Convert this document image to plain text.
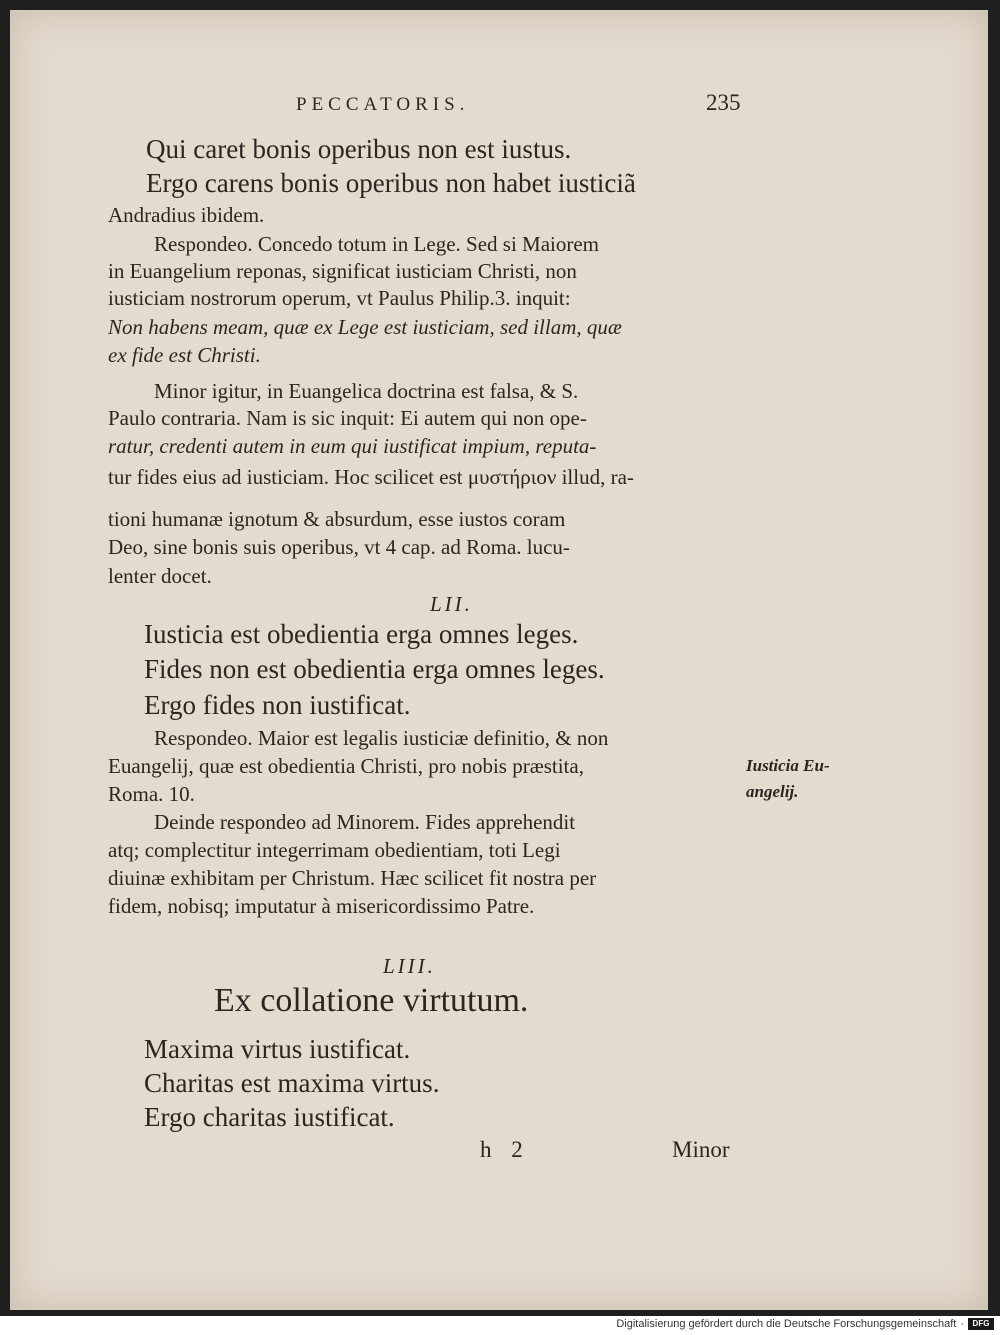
PECCATORIS.	235
Qui caret bonis operibus non est iustus.
Ergo carens bonis operibus non habet iusticiã
Andradius ibidem.
Respondeo. Concedo totum in Lege. Sed si Maiorem
in Euangelium reponas, significat iusticiam Christi, non
iusticiam nostrorum operum, vt Paulus Philip.3. inquit:
Non habens meam, quæ ex Lege est iusticiam, sed illam, quæ
ex fide est Christi.
Minor igitur, in Euangelica doctrina est falsa, & S.
Paulo contraria. Nam is sic inquit: Ei autem qui non ope-
ratur, credenti autem in eum qui iustificat impium, reputa-
tur fides eius ad iusticiam. Hoc scilicet est μυστήριον illud, ra-
tioni humanæ ignotum & absurdum, esse iustos coram
Deo, sine bonis suis operibus, vt 4 cap. ad Roma. lucu-
lenter docet.
LII.
Iusticia est obedientia erga omnes leges.
Fides non est obedientia erga omnes leges.
Ergo fides non iustificat.
Respondeo. Maior est legalis iusticiæ definitio, & non
Euangelij, quæ est obedientia Christi, pro nobis præstita,
Roma. 10.
Deinde respondeo ad Minorem. Fides apprehendit
atq; complectitur integerrimam obedientiam, toti Legi
diuinæ exhibitam per Christum. Hæc scilicet fit nostra per
fidem, nobisq; imputatur à misericordissimo Patre.
Iusticia Eu-
angelij.
LIII.
Ex collatione virtutum.
Maxima virtus iustificat.
Charitas est maxima virtus.
Ergo charitas iustificat.
h 2	Minor
Digitalisierung gefördert durch die Deutsche Forschungsgemeinschaft ·	DFG
